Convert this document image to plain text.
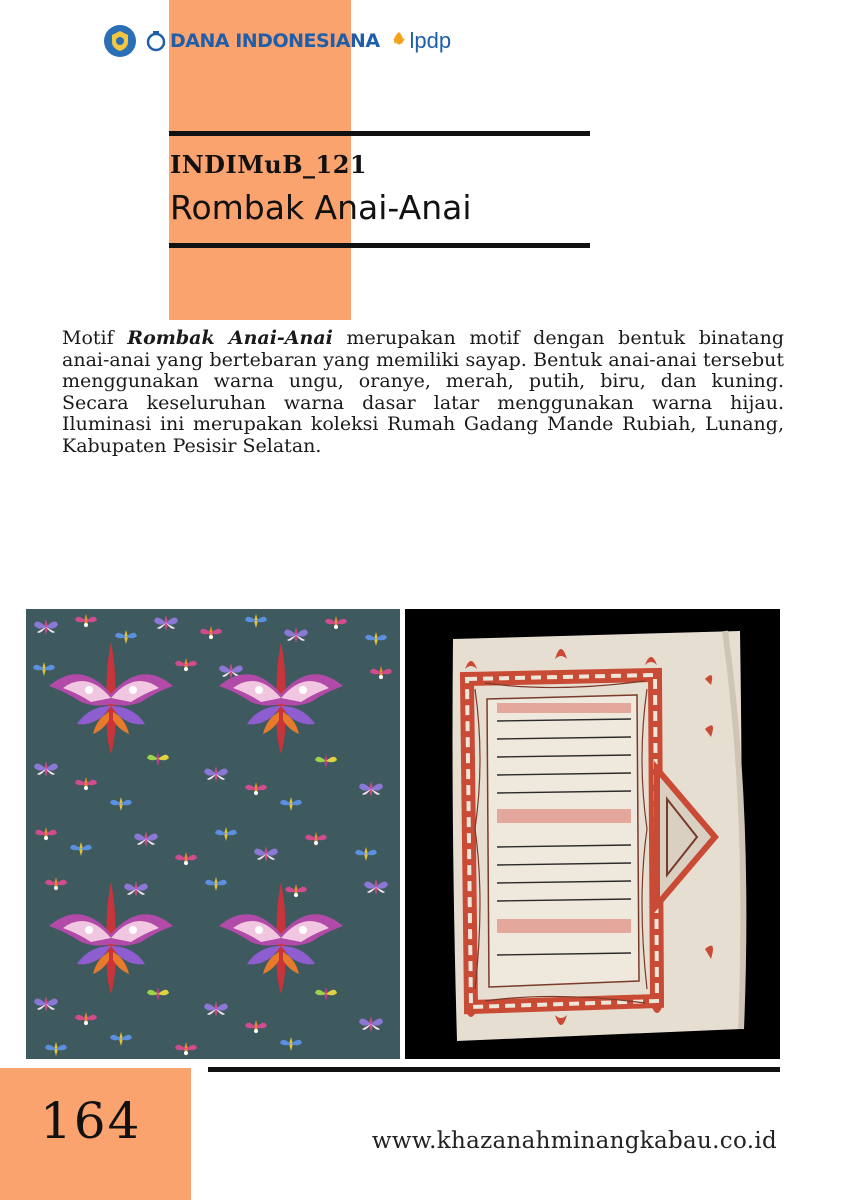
DANA INDONESIANA lpdp
INDIMuB_121
Rombak Anai-Anai
Motif Rombak Anai-Anai merupakan motif dengan bentuk binatang anai-anai yang bertebaran yang memiliki sayap. Bentuk anai-anai tersebut menggunakan warna ungu, oranye, merah, putih, biru, dan kuning. Secara keseluruhan warna dasar latar menggunakan warna hijau. Iluminasi ini merupakan koleksi Rumah Gadang Mande Rubiah, Lunang, Kabupaten Pesisir Selatan.
164	www.khazanahminangkabau.co.id
